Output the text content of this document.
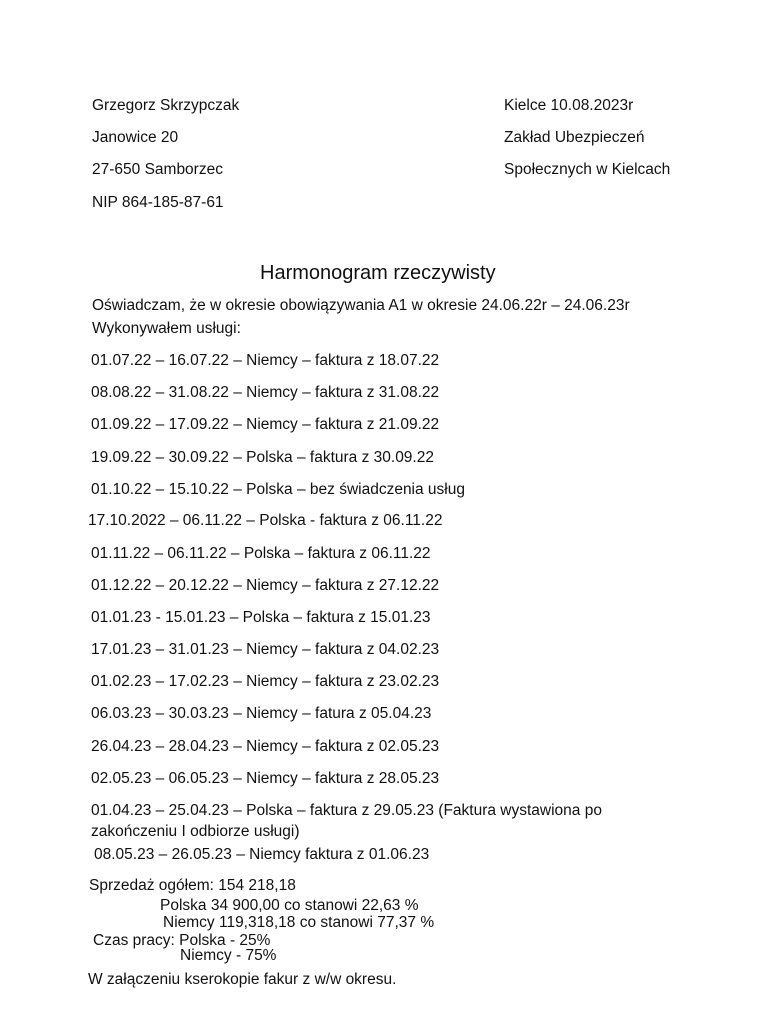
Grzegorz Skrzypczak
Janowice 20
27-650 Samborzec
NIP 864-185-87-61
Kielce 10.08.2023r
Zakład Ubezpieczeń
Społecznych w Kielcach
Harmonogram rzeczywisty
Oświadczam, że w okresie obowiązywania A1 w okresie 24.06.22r – 24.06.23r
Wykonywałem usługi:
01.07.22 – 16.07.22 – Niemcy – faktura z 18.07.22
08.08.22 – 31.08.22 – Niemcy – faktura z 31.08.22
01.09.22 – 17.09.22 – Niemcy – faktura z 21.09.22
19.09.22 – 30.09.22 – Polska – faktura z 30.09.22
01.10.22 – 15.10.22 – Polska – bez świadczenia usług
17.10.2022 – 06.11.22 – Polska - faktura z 06.11.22
01.11.22 – 06.11.22 – Polska – faktura z 06.11.22
01.12.22 – 20.12.22 – Niemcy – faktura z 27.12.22
01.01.23 - 15.01.23 – Polska – faktura z 15.01.23
17.01.23 – 31.01.23 – Niemcy – faktura z 04.02.23
01.02.23 – 17.02.23 – Niemcy – faktura z 23.02.23
06.03.23 – 30.03.23 – Niemcy – fatura z 05.04.23
26.04.23 – 28.04.23 – Niemcy – faktura z 02.05.23
02.05.23 – 06.05.23 – Niemcy – faktura z 28.05.23
01.04.23 – 25.04.23 – Polska – faktura z 29.05.23 (Faktura wystawiona po
zakończeniu I odbiorze usługi)
08.05.23 – 26.05.23 – Niemcy faktura z 01.06.23
Sprzedaż ogółem: 154 218,18
Polska 34 900,00 co stanowi 22,63 %
Niemcy 119,318,18 co stanowi 77,37 %
Czas pracy: Polska - 25%
Niemcy - 75%
W załączeniu kserokopie fakur z w/w okresu.
